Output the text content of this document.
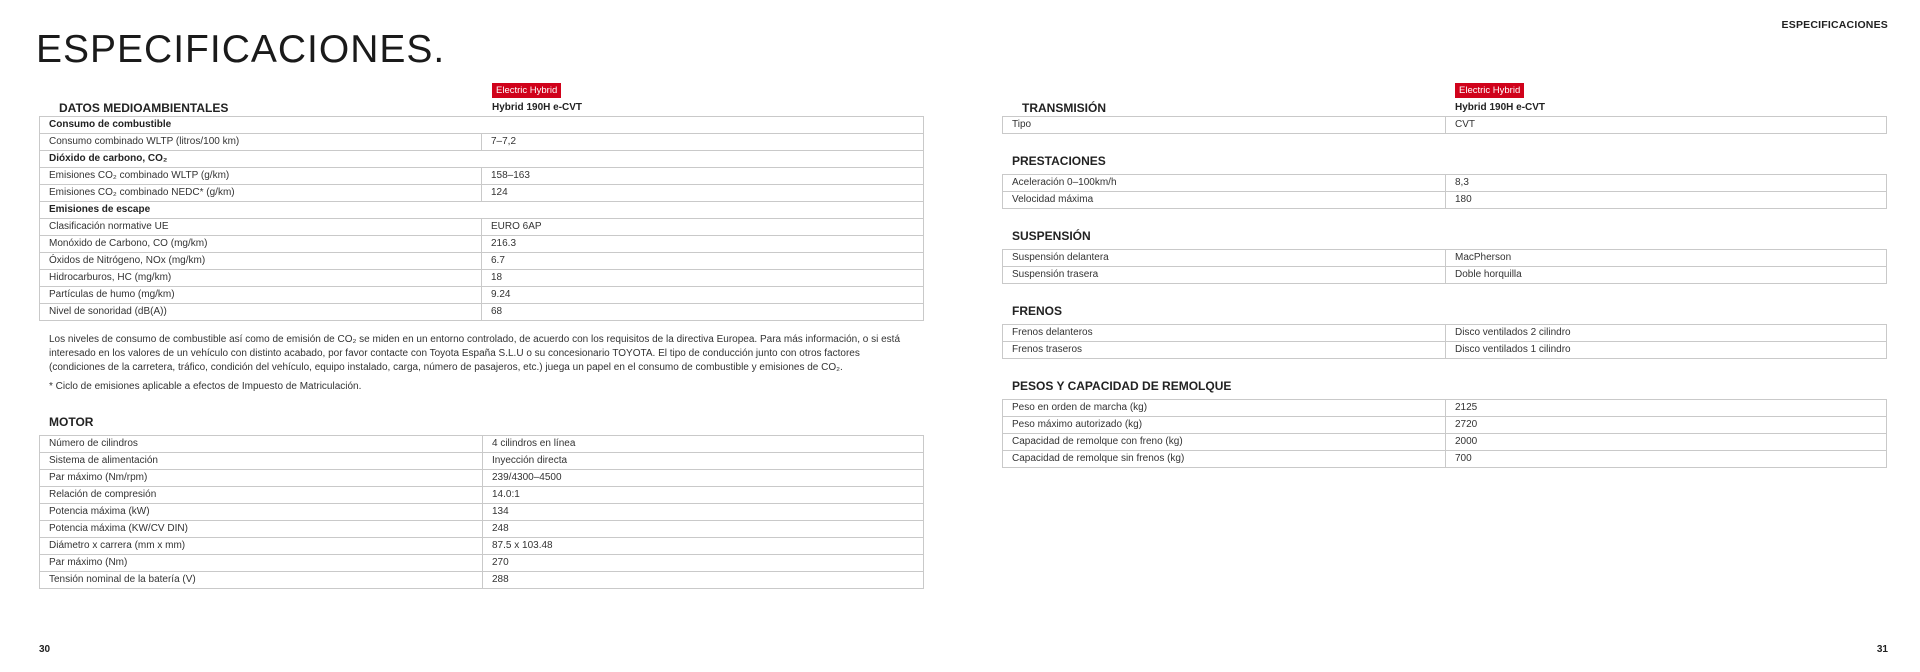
ESPECIFICACIONES
ESPECIFICACIONES.
DATOS MEDIOAMBIENTALES
Electric Hybrid
Hybrid 190H e-CVT
Consumo de combustible	
Consumo combinado WLTP (litros/100 km)	7–7,2
Dióxido de carbono, CO₂	
Emisiones CO₂ combinado WLTP (g/km)	158–163
Emisiones CO₂ combinado NEDC* (g/km)	124
Emisiones de escape	
Clasificación normative UE	EURO 6AP
Monóxido de Carbono, CO (mg/km)	216.3
Óxidos de Nitrógeno, NOx (mg/km)	6.7
Hidrocarburos, HC (mg/km)	18
Partículas de humo (mg/km)	9.24
Nivel de sonoridad (dB(A))	68
Los niveles de consumo de combustible así como de emisión de CO₂ se miden en un entorno controlado, de acuerdo con los requisitos de la directiva Europea. Para más información, o si está interesado en los valores de un vehículo con distinto acabado, por favor contacte con Toyota España S.L.U o su concesionario TOYOTA. El tipo de conducción junto con otros factores (condiciones de la carretera, tráfico, condición del vehículo, equipo instalado, carga, número de pasajeros, etc.) juega un papel en el consumo de combustible y emisiones de CO₂.
* Ciclo de emisiones aplicable a efectos de Impuesto de Matriculación.
MOTOR
Número de cilindros	4 cilindros en línea
Sistema de alimentación	Inyección directa
Par máximo (Nm/rpm)	239/4300–4500
Relación de compresión	14.0:1
Potencia máxima (kW)	134
Potencia máxima (KW/CV DIN)	248
Diámetro x carrera (mm x mm)	87.5 x 103.48
Par máximo (Nm)	270
Tensión nominal de la batería (V)	288
TRANSMISIÓN
Electric Hybrid
Hybrid 190H e-CVT
Tipo	CVT
PRESTACIONES
Aceleración 0–100km/h	8,3
Velocidad máxima	180
SUSPENSIÓN
Suspensión delantera	MacPherson
Suspensión trasera	Doble horquilla
FRENOS
Frenos delanteros	Disco ventilados 2 cilindro
Frenos traseros	Disco ventilados 1 cilindro
PESOS Y CAPACIDAD DE REMOLQUE
Peso en orden de marcha (kg)	2125
Peso máximo autorizado (kg)	2720
Capacidad de remolque con freno (kg)	2000
Capacidad de remolque sin frenos (kg)	700
30	31
